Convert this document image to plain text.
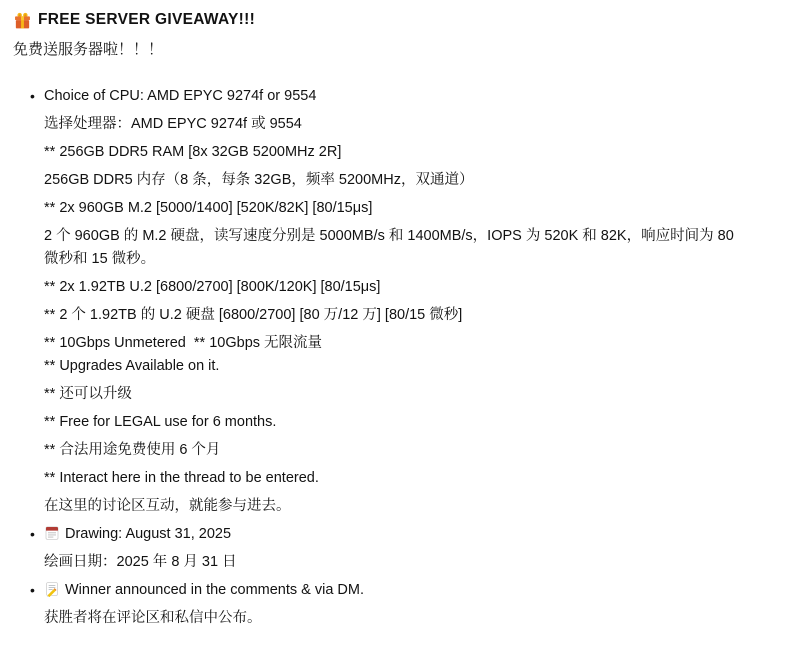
FREE SERVER GIVEAWAY!!!

免费送服务器啦！！！

• Choice of CPU: AMD EPYC 9274f or 9554

选择处理器：AMD EPYC 9274f 或 9554

** 256GB DDR5 RAM [8x 32GB 5200MHz 2R]

256GB DDR5 内存（8 条，每条 32GB，频率 5200MHz，双通道）

** 2x 960GB M.2 [5000/1400] [520K/82K] [80/15μs]

2 个 960GB 的 M.2 硬盘，读写速度分别是 5000MB/s 和 1400MB/s，IOPS 为 520K 和 82K，响应时间为 80 微秒和 15 微秒。

** 2x 1.92TB U.2 [6800/2700] [800K/120K] [80/15μs]

** 2 个 1.92TB 的 U.2 硬盘 [6800/2700] [80 万/12 万] [80/15 微秒]

** 10Gbps Unmetered  ** 10Gbps 无限流量

** Upgrades Available on it.

** 还可以升级

** Free for LEGAL use for 6 months.

** 合法用途免费使用 6 个月

** Interact here in the thread to be entered.

在这里的讨论区互动，就能参与进去。

• Drawing: August 31, 2025

绘画日期：2025 年 8 月 31 日

• Winner announced in the comments & via DM.

获胜者将在评论区和私信中公布。
